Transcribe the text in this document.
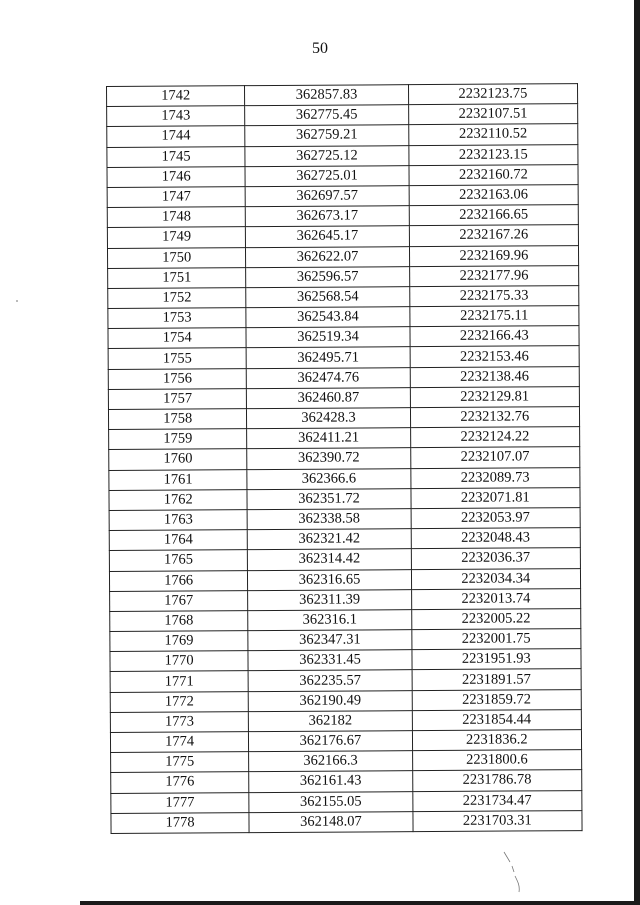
50
1742	362857.83	2232123.75
1743	362775.45	2232107.51
1744	362759.21	2232110.52
1745	362725.12	2232123.15
1746	362725.01	2232160.72
1747	362697.57	2232163.06
1748	362673.17	2232166.65
1749	362645.17	2232167.26
1750	362622.07	2232169.96
1751	362596.57	2232177.96
1752	362568.54	2232175.33
1753	362543.84	2232175.11
1754	362519.34	2232166.43
1755	362495.71	2232153.46
1756	362474.76	2232138.46
1757	362460.87	2232129.81
1758	362428.3	2232132.76
1759	362411.21	2232124.22
1760	362390.72	2232107.07
1761	362366.6	2232089.73
1762	362351.72	2232071.81
1763	362338.58	2232053.97
1764	362321.42	2232048.43
1765	362314.42	2232036.37
1766	362316.65	2232034.34
1767	362311.39	2232013.74
1768	362316.1	2232005.22
1769	362347.31	2232001.75
1770	362331.45	2231951.93
1771	362235.57	2231891.57
1772	362190.49	2231859.72
1773	362182	2231854.44
1774	362176.67	2231836.2
1775	362166.3	2231800.6
1776	362161.43	2231786.78
1777	362155.05	2231734.47
1778	362148.07	2231703.31
